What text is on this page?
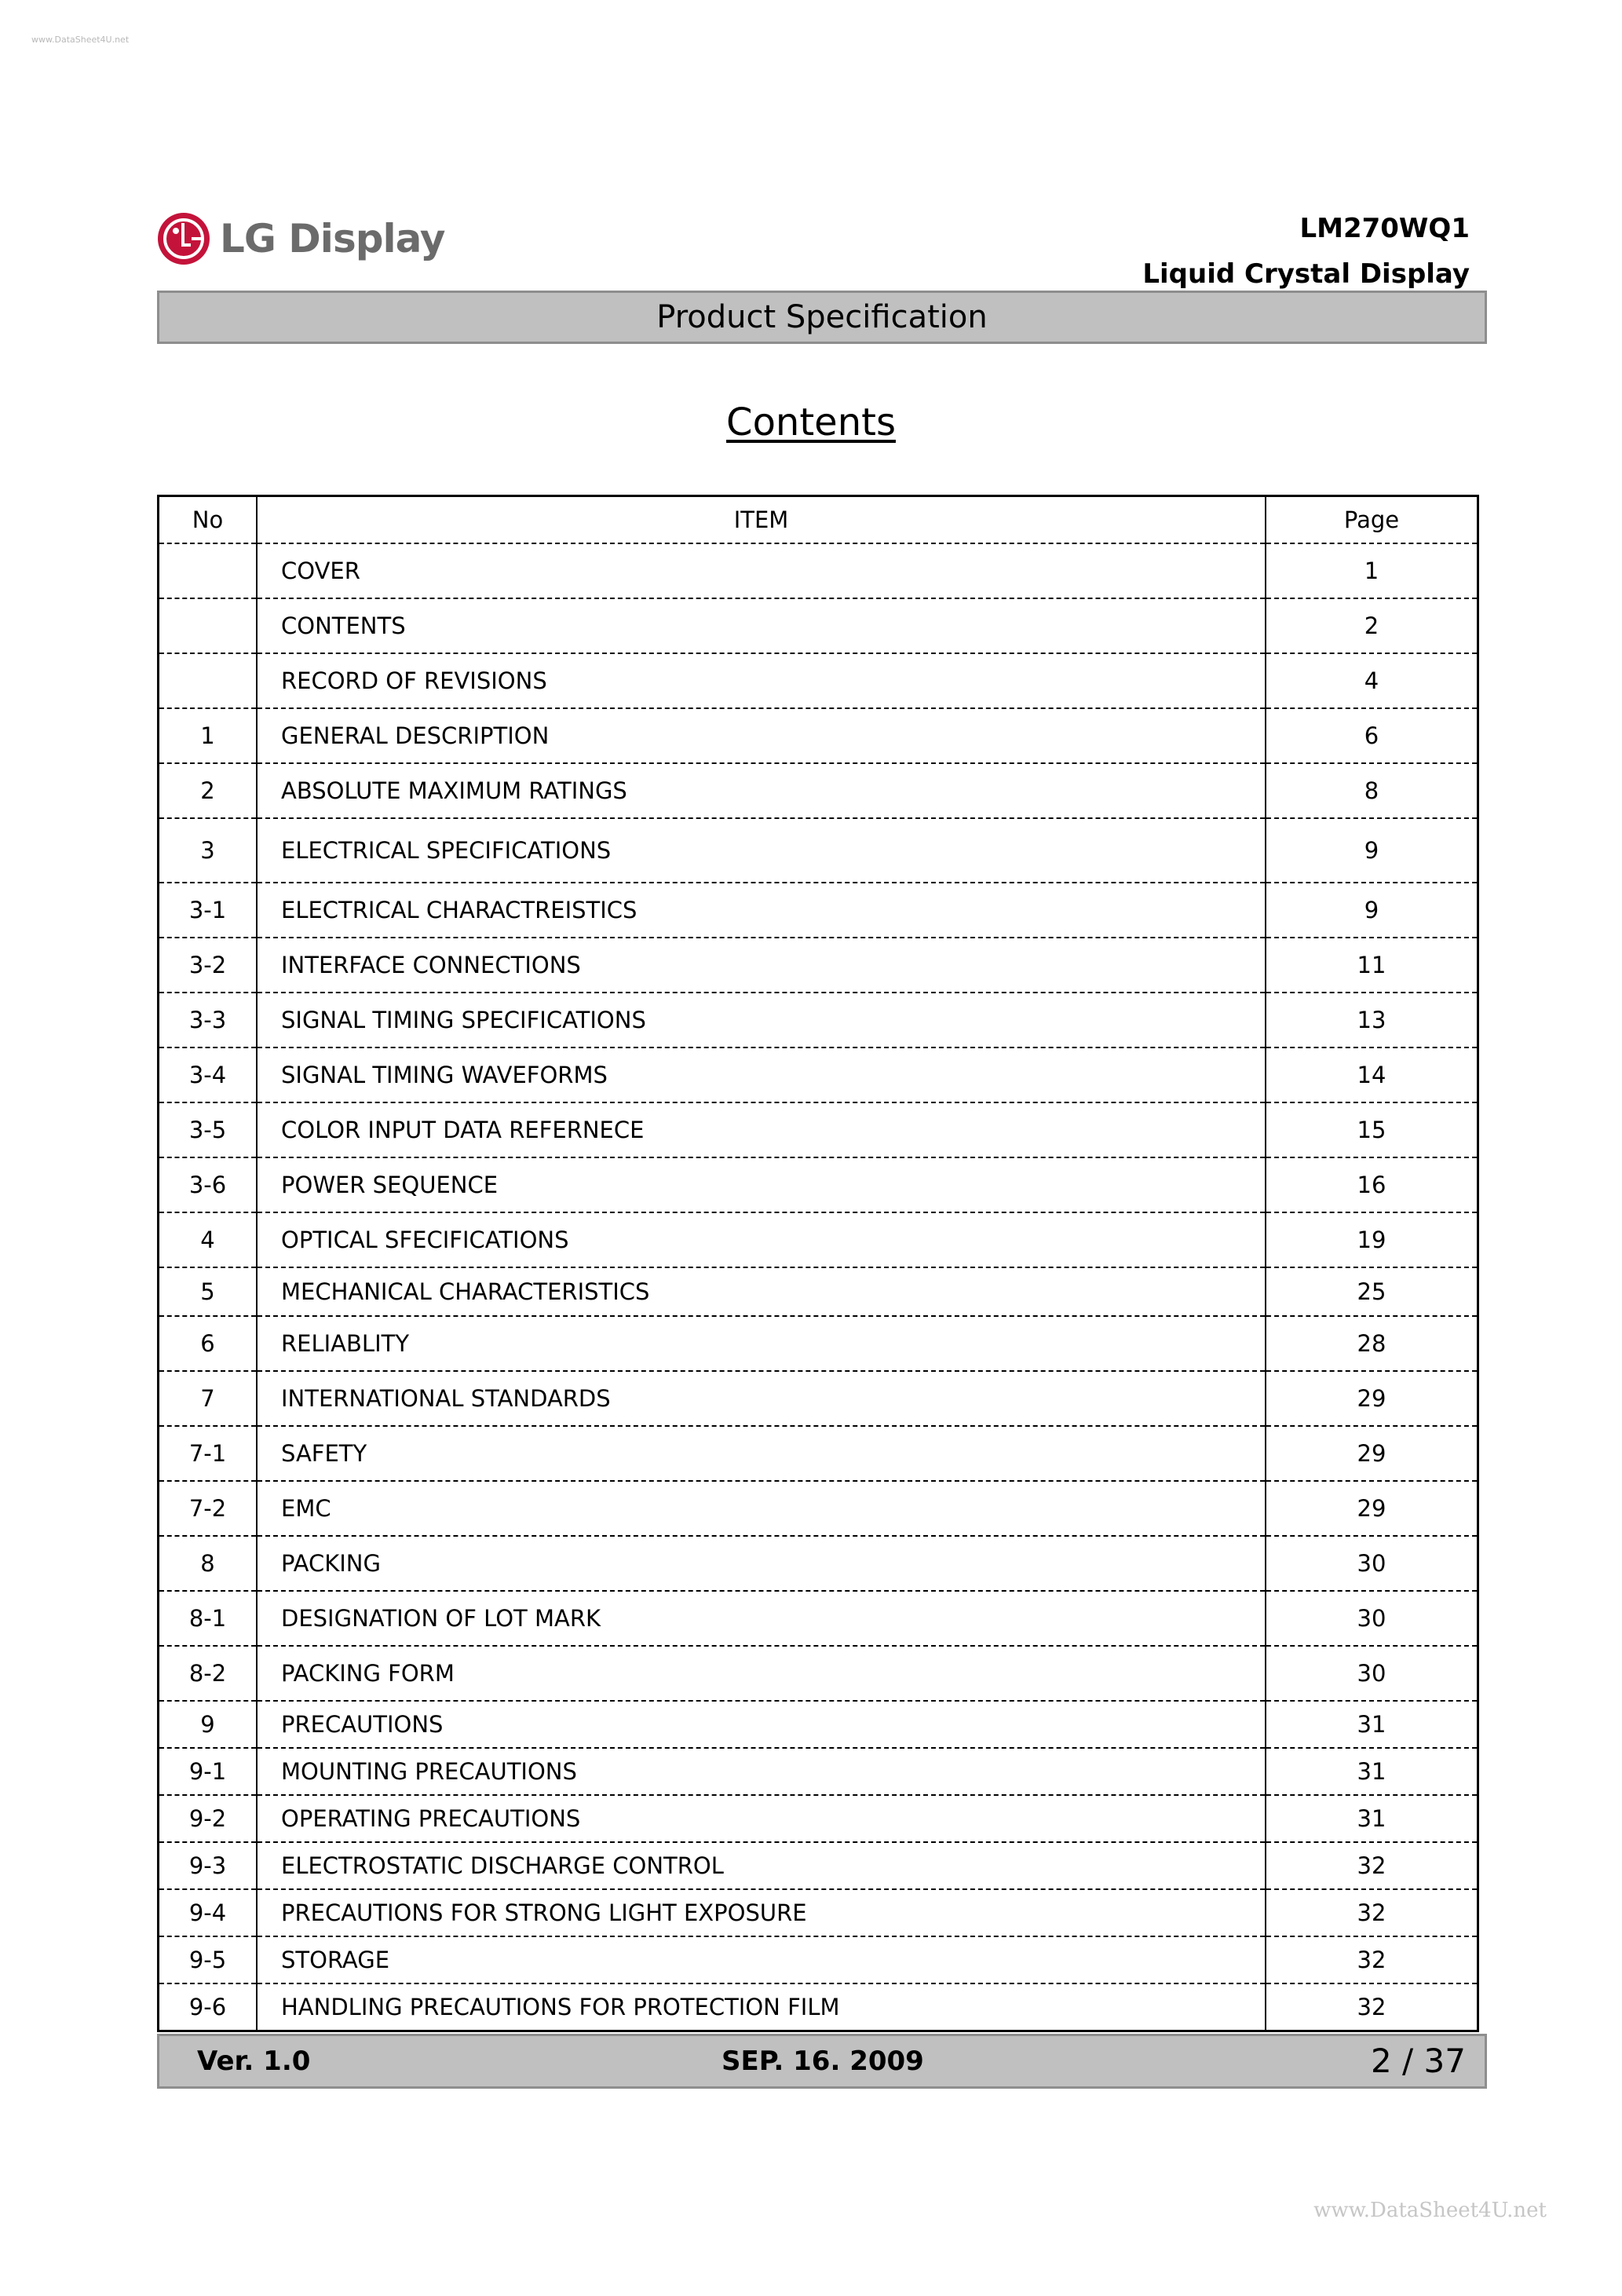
www.DataSheet4U.net
LG Display	LM270WQ1
Liquid Crystal Display
Product Specification
Contents
No	ITEM	Page
	COVER	1
	CONTENTS	2
	RECORD OF REVISIONS	4
1	GENERAL DESCRIPTION	6
2	ABSOLUTE MAXIMUM RATINGS	8
3	ELECTRICAL SPECIFICATIONS	9
3-1	ELECTRICAL CHARACTREISTICS	9
3-2	INTERFACE CONNECTIONS	11
3-3	SIGNAL TIMING SPECIFICATIONS	13
3-4	SIGNAL TIMING WAVEFORMS	14
3-5	COLOR INPUT DATA REFERNECE	15
3-6	POWER SEQUENCE	16
4	OPTICAL SFECIFICATIONS	19
5	MECHANICAL CHARACTERISTICS	25
6	RELIABLITY	28
7	INTERNATIONAL STANDARDS	29
7-1	SAFETY	29
7-2	EMC	29
8	PACKING	30
8-1	DESIGNATION OF LOT MARK	30
8-2	PACKING FORM	30
9	PRECAUTIONS	31
9-1	MOUNTING PRECAUTIONS	31
9-2	OPERATING PRECAUTIONS	31
9-3	ELECTROSTATIC DISCHARGE CONTROL	32
9-4	PRECAUTIONS FOR STRONG LIGHT EXPOSURE	32
9-5	STORAGE	32
9-6	HANDLING PRECAUTIONS FOR PROTECTION FILM	32
Ver. 1.0	SEP. 16. 2009	2 / 37
www.DataSheet4U.net
